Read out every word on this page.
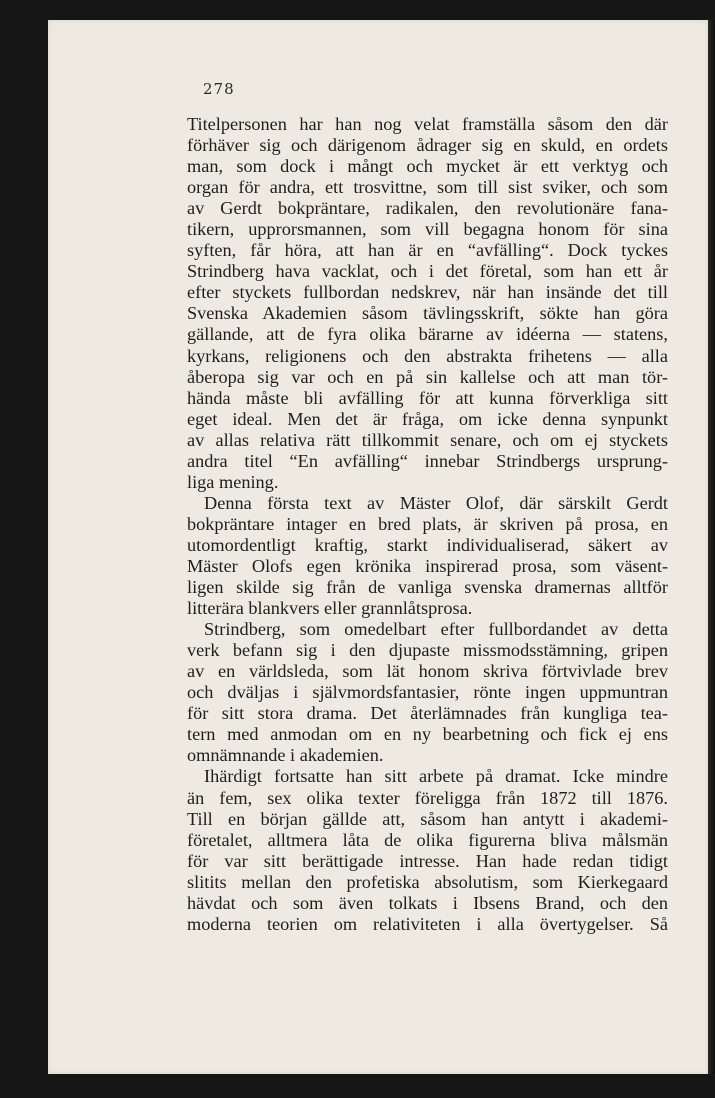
278
Titelpersonen har han nog velat framställa såsom den där
förhäver sig och därigenom ådrager sig en skuld, en ordets
man, som dock i mångt och mycket är ett verktyg och
organ för andra, ett trosvittne, som till sist sviker, och som
av Gerdt bokpräntare, radikalen, den revolutionäre fana-
tikern, upprorsmannen, som vill begagna honom för sina
syften, får höra, att han är en “avfälling“. Dock tyckes
Strindberg hava vacklat, och i det företal, som han ett år
efter styckets fullbordan nedskrev, när han insände det till
Svenska Akademien såsom tävlingsskrift, sökte han göra
gällande, att de fyra olika bärarne av idéerna — statens,
kyrkans, religionens och den abstrakta frihetens — alla
åberopa sig var och en på sin kallelse och att man tör-
hända måste bli avfälling för att kunna förverkliga sitt
eget ideal. Men det är fråga, om icke denna synpunkt
av allas relativa rätt tillkommit senare, och om ej styckets
andra titel “En avfälling“ innebar Strindbergs ursprung-
liga mening.
Denna första text av Mäster Olof, där särskilt Gerdt
bokpräntare intager en bred plats, är skriven på prosa, en
utomordentligt kraftig, starkt individualiserad, säkert av
Mäster Olofs egen krönika inspirerad prosa, som väsent-
ligen skilde sig från de vanliga svenska dramernas alltför
litterära blankvers eller grannlåtsprosa.
Strindberg, som omedelbart efter fullbordandet av detta
verk befann sig i den djupaste missmodsstämning, gripen
av en världsleda, som lät honom skriva förtvivlade brev
och dväljas i självmordsfantasier, rönte ingen uppmuntran
för sitt stora drama. Det återlämnades från kungliga tea-
tern med anmodan om en ny bearbetning och fick ej ens
omnämnande i akademien.
Ihärdigt fortsatte han sitt arbete på dramat. Icke mindre
än fem, sex olika texter föreligga från 1872 till 1876.
Till en början gällde att, såsom han antytt i akademi-
företalet, alltmera låta de olika figurerna bliva målsmän
för var sitt berättigade intresse. Han hade redan tidigt
slitits mellan den profetiska absolutism, som Kierkegaard
hävdat och som även tolkats i Ibsens Brand, och den
moderna teorien om relativiteten i alla övertygelser. Så
